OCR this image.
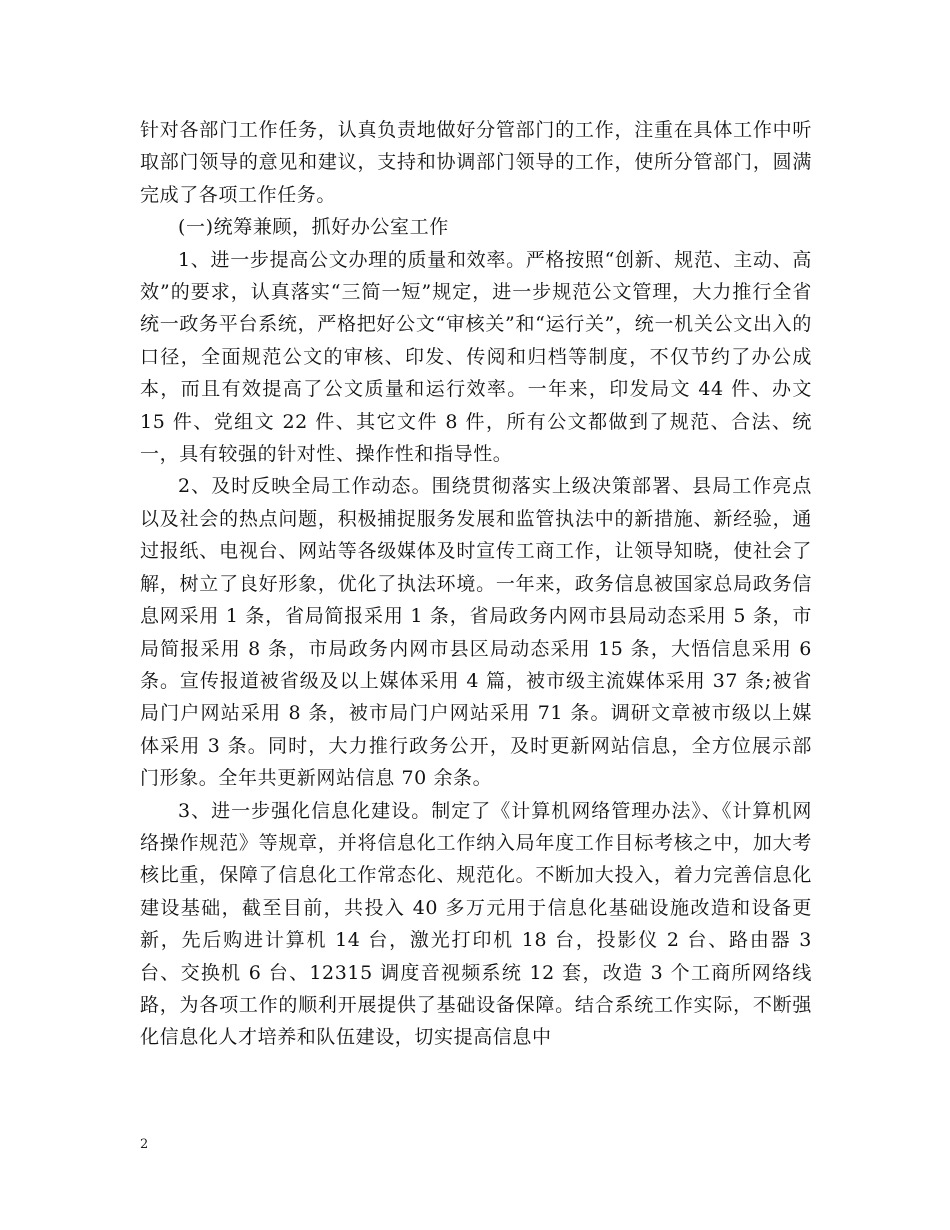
针对各部门工作任务，认真负责地做好分管部门的工作，注重在具体工作中听取部门领导的意见和建议，支持和协调部门领导的工作，使所分管部门，圆满完成了各项工作任务。

(一)统筹兼顾，抓好办公室工作

1、进一步提高公文办理的质量和效率。严格按照“创新、规范、主动、高效”的要求，认真落实“三简一短”规定，进一步规范公文管理，大力推行全省统一政务平台系统，严格把好公文“审核关”和“运行关”，统一机关公文出入的口径，全面规范公文的审核、印发、传阅和归档等制度，不仅节约了办公成本，而且有效提高了公文质量和运行效率。一年来，印发局文 44 件、办文 15 件、党组文 22 件、其它文件 8 件，所有公文都做到了规范、合法、统一，具有较强的针对性、操作性和指导性。

2、及时反映全局工作动态。围绕贯彻落实上级决策部署、县局工作亮点以及社会的热点问题，积极捕捉服务发展和监管执法中的新措施、新经验，通过报纸、电视台、网站等各级媒体及时宣传工商工作，让领导知晓，使社会了解，树立了良好形象，优化了执法环境。一年来，政务信息被国家总局政务信息网采用 1 条，省局简报采用 1 条，省局政务内网市县局动态采用 5 条，市局简报采用 8 条，市局政务内网市县区局动态采用 15 条，大悟信息采用 6 条。宣传报道被省级及以上媒体采用 4 篇，被市级主流媒体采用 37 条;被省局门户网站采用 8 条，被市局门户网站采用 71 条。调研文章被市级以上媒体采用 3 条。同时，大力推行政务公开，及时更新网站信息，全方位展示部门形象。全年共更新网站信息 70 余条。

3、进一步强化信息化建设。制定了《计算机网络管理办法》、《计算机网络操作规范》等规章，并将信息化工作纳入局年度工作目标考核之中，加大考核比重，保障了信息化工作常态化、规范化。不断加大投入，着力完善信息化建设基础，截至目前，共投入 40 多万元用于信息化基础设施改造和设备更新，先后购进计算机 14 台，激光打印机 18 台，投影仪 2 台、路由器 3 台、交换机 6 台、12315 调度音视频系统 12 套，改造 3 个工商所网络线路，为各项工作的顺利开展提供了基础设备保障。结合系统工作实际，不断强化信息化人才培养和队伍建设，切实提高信息中

2
